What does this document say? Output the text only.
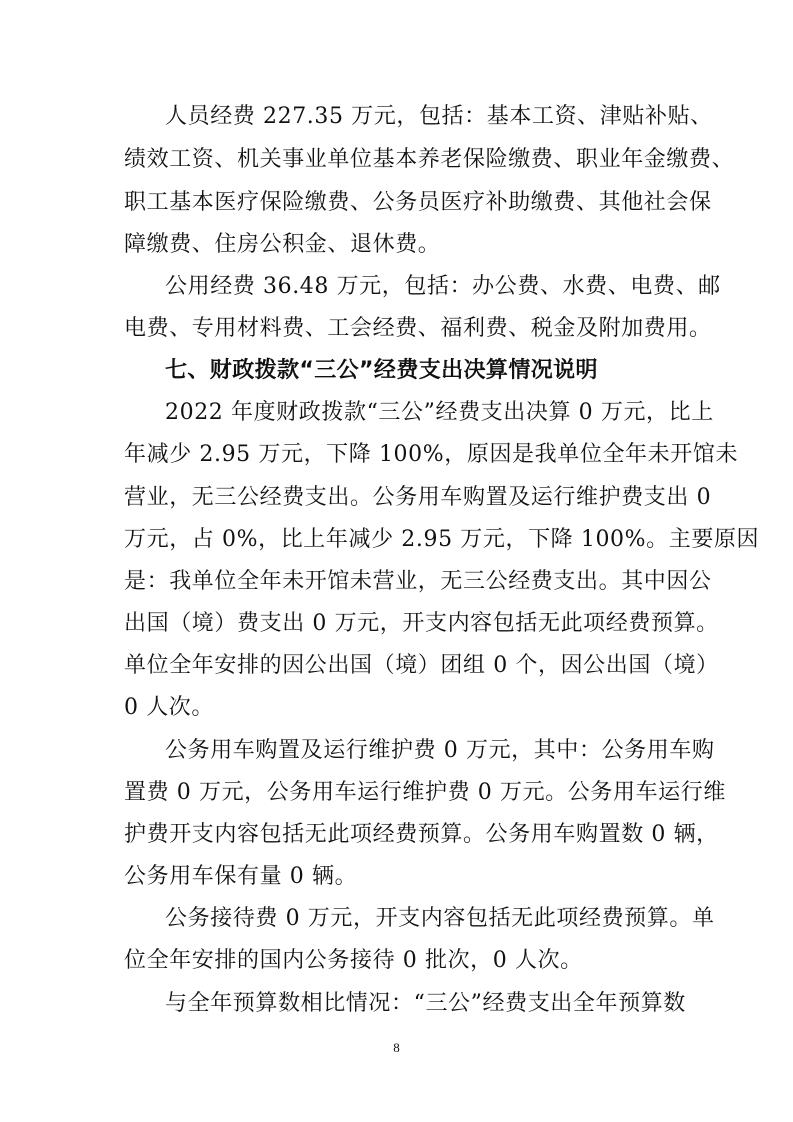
人员经费 227.35 万元，包括：基本工资、津贴补贴、
绩效工资、机关事业单位基本养老保险缴费、职业年金缴费、
职工基本医疗保险缴费、公务员医疗补助缴费、其他社会保
障缴费、住房公积金、退休费。
公用经费 36.48 万元，包括：办公费、水费、电费、邮
电费、专用材料费、工会经费、福利费、税金及附加费用。
七、财政拨款“三公”经费支出决算情况说明
2022 年度财政拨款“三公”经费支出决算 0 万元，比上
年减少 2.95 万元，下降 100%，原因是我单位全年未开馆未
营业，无三公经费支出。公务用车购置及运行维护费支出 0
万元，占 0%，比上年减少 2.95 万元，下降 100%。主要原因
是：我单位全年未开馆未营业，无三公经费支出。其中因公
出国（境）费支出 0 万元，开支内容包括无此项经费预算。
单位全年安排的因公出国（境）团组 0 个，因公出国（境）
0 人次。
公务用车购置及运行维护费 0 万元，其中：公务用车购
置费 0 万元，公务用车运行维护费 0 万元。公务用车运行维
护费开支内容包括无此项经费预算。公务用车购置数 0 辆，
公务用车保有量 0 辆。
公务接待费 0 万元，开支内容包括无此项经费预算。单
位全年安排的国内公务接待 0 批次，0 人次。
与全年预算数相比情况：“三公”经费支出全年预算数
8
